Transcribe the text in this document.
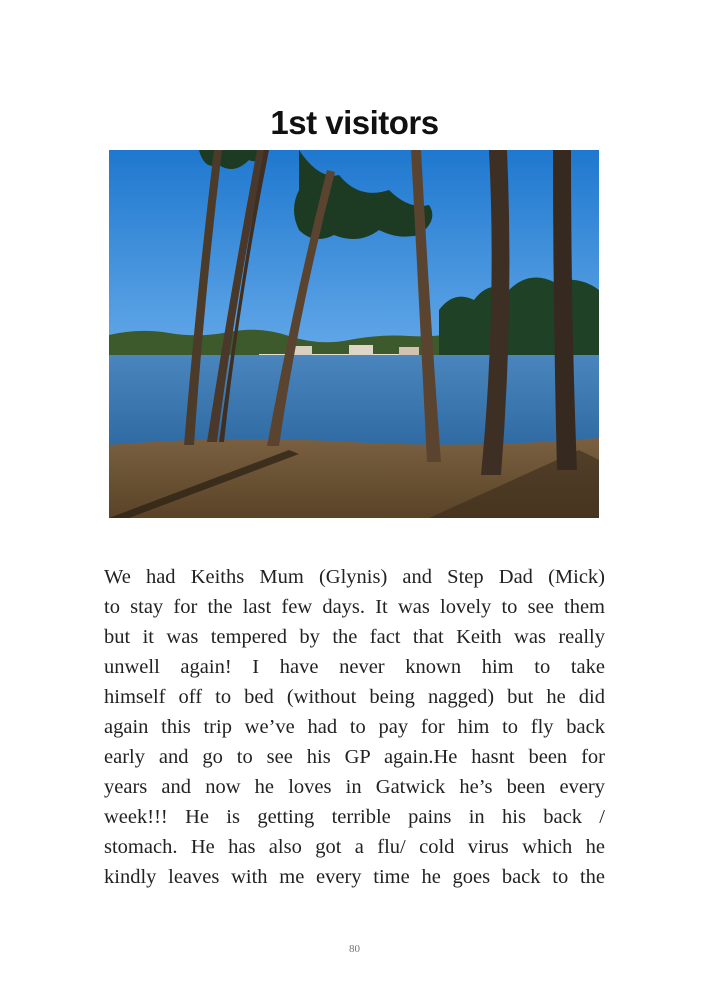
1st visitors

We had Keiths Mum (Glynis) and Step Dad (Mick)
to stay for the last few days. It was lovely to see them
but it was tempered by the fact that Keith was really
unwell again! I have never known him to take
himself off to bed (without being nagged) but he did
again this trip we’ve had to pay for him to fly back
early and go to see his GP again.He hasnt been for
years and now he loves in Gatwick he’s been every
week!!! He is getting terrible pains in his back /
stomach. He has also got a flu/ cold virus which he
kindly leaves with me every time he goes back to the

80
